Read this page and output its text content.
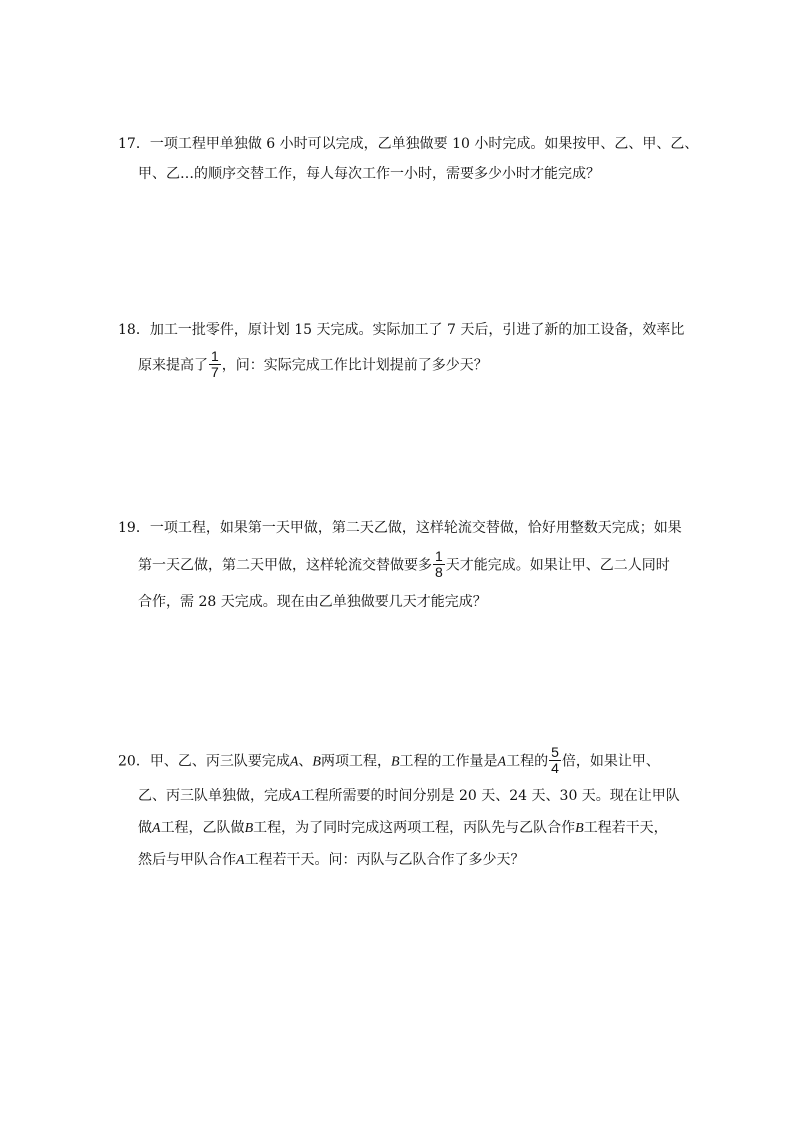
17．一项工程甲单独做 6 小时可以完成，乙单独做要 10 小时完成。如果按甲、乙、甲、乙、
甲、乙…的顺序交替工作，每人每次工作一小时，需要多少小时才能完成？
18．加工一批零件，原计划 15 天完成。实际加工了 7 天后，引进了新的加工设备，效率比
原来提高了 $\frac{1}{7}$ ，问：实际完成工作比计划提前了多少天？
19．一项工程，如果第一天甲做，第二天乙做，这样轮流交替做，恰好用整数天完成；如果
第一天乙做，第二天甲做，这样轮流交替做要多 $\frac{1}{8}$ 天才能完成。如果让甲、乙二人同时
合作，需 28 天完成。现在由乙单独做要几天才能完成？
20．甲、乙、丙三队要完成A、B两项工程，B工程的工作量是A工程的 $\frac{5}{4}$ 倍，如果让甲、
乙、丙三队单独做，完成A工程所需要的时间分别是 20 天、24 天、30 天。现在让甲队
做A工程，乙队做B工程，为了同时完成这两项工程，丙队先与乙队合作B工程若干天，
然后与甲队合作A工程若干天。问：丙队与乙队合作了多少天？
